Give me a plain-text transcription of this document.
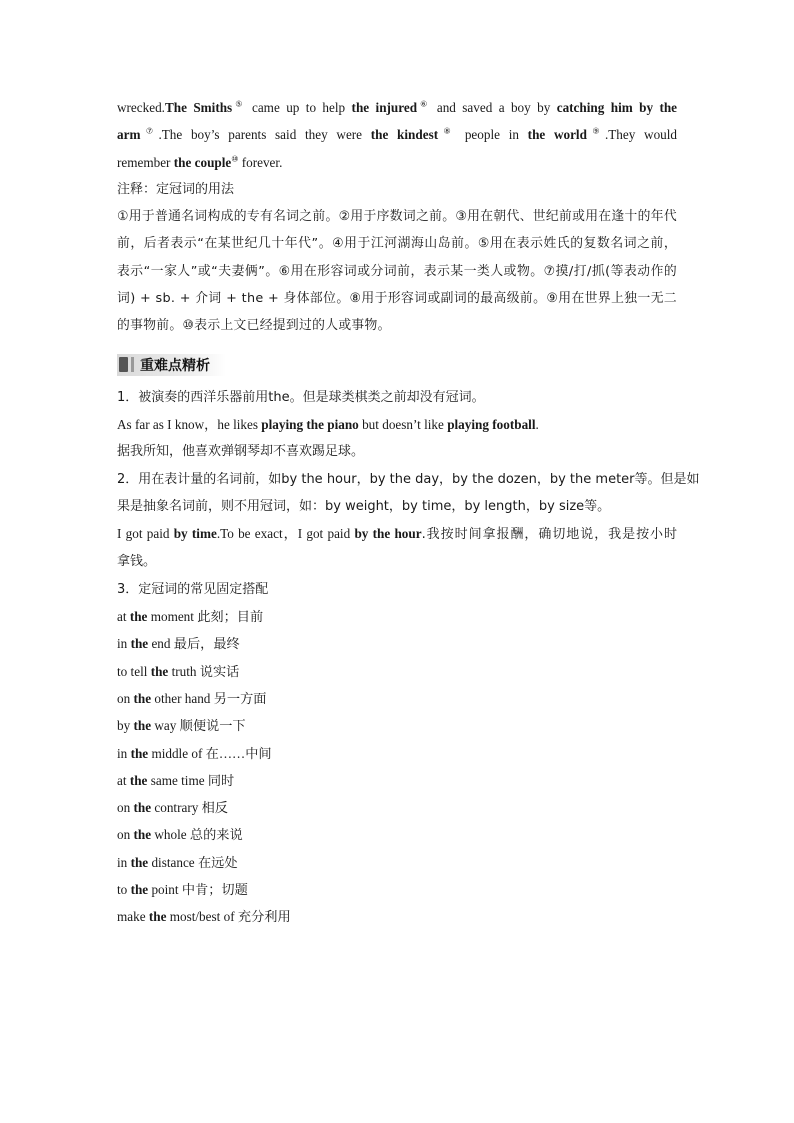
wrecked.The Smiths⑤ came up to help the injured⑥ and saved a boy by catching him by the
arm⑦.The boy’s parents said they were the kindest⑧ people in the world⑨.They would
remember the couple⑩ forever.
注释：定冠词的用法

①用于普通名词构成的专有名词之前。②用于序数词之前。③用在朝代、世纪前或用在逢十的年代前，后者表示“在某世纪几十年代”。④用于江河湖海山岛前。⑤用在表示姓氏的复数名词之前，表示“一家人”或“夫妻俩”。⑥用在形容词或分词前，表示某一类人或物。⑦摸/打/抓(等表动作的词) + sb. + 介词 + the + 身体部位。⑧用于形容词或副词的最高级前。⑨用在世界上独一无二的事物前。⑩表示上文已经提到过的人或事物。

重难点精析
1．被演奏的西洋乐器前用the。但是球类棋类之前却没有冠词。
As far as I know，he likes playing the piano but doesn’t like playing football.
据我所知，他喜欢弹钢琴却不喜欢踢足球。
2．用在表计量的名词前，如by the hour，by the day，by the dozen，by the meter等。但是如
果是抽象名词前，则不用冠词，如：by weight，by time，by length，by size等。
I got paid by time.To be exact，I got paid by the hour.我按时间拿报酬，确切地说，我是按小时
拿钱。
3．定冠词的常见固定搭配
at the moment 此刻；目前
in the end 最后，最终
to tell the truth 说实话
on the other hand 另一方面
by the way 顺便说一下
in the middle of 在……中间
at the same time 同时
on the contrary 相反
on the whole 总的来说
in the distance 在远处
to the point 中肯；切题
make the most/best of 充分利用
